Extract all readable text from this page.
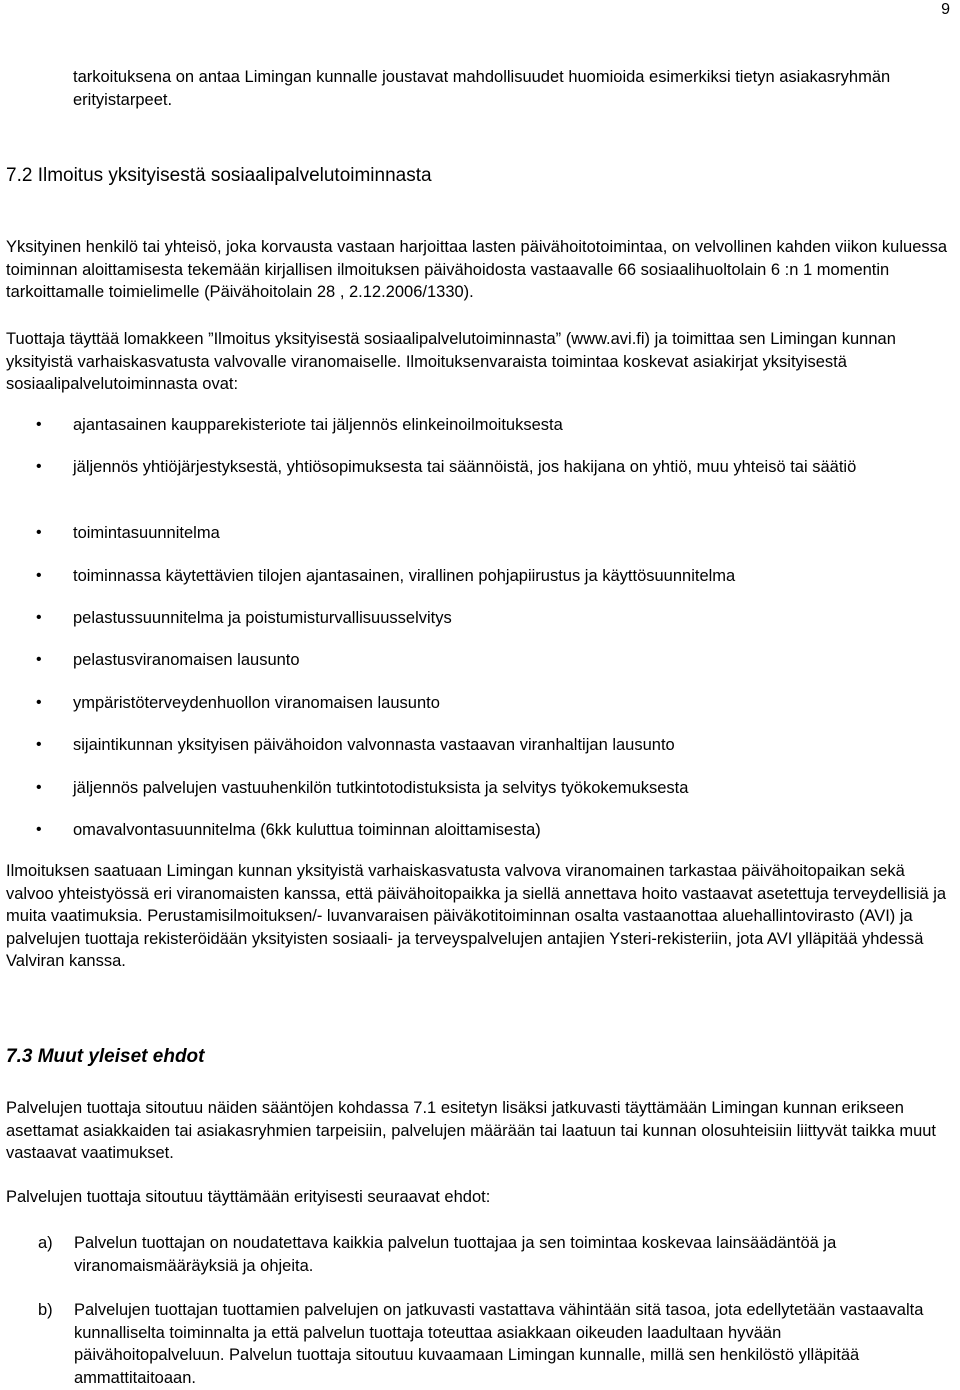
9

tarkoituksena on antaa Limingan kunnalle joustavat mahdollisuudet huomioida esimerkiksi tietyn asiakasryhmän erityistarpeet.

7.2 Ilmoitus yksityisestä sosiaalipalvelutoiminnasta

Yksityinen henkilö tai yhteisö, joka korvausta vastaan harjoittaa lasten päivähoitotoimintaa, on velvollinen kahden viikon kuluessa toiminnan aloittamisesta tekemään kirjallisen ilmoituksen päivähoidosta vastaavalle 66 sosiaalihuoltolain 6 :n 1 momentin tarkoittamalle toimielimelle (Päivähoitolain 28 , 2.12.2006/1330).

Tuottaja täyttää lomakkeen ”Ilmoitus yksityisestä sosiaalipalvelutoiminnasta” (www.avi.fi) ja toimittaa sen Limingan kunnan yksityistä varhaiskasvatusta valvovalle viranomaiselle. Ilmoituksenvaraista toimintaa koskevat asiakirjat yksityisestä sosiaalipalvelutoiminnasta ovat:

• ajantasainen kaupparekisteriote tai jäljennös elinkeinoilmoituksesta
• jäljennös yhtiöjärjestyksestä, yhtiösopimuksesta tai säännöistä, jos hakijana on yhtiö, muu yhteisö tai säätiö
• toimintasuunnitelma
• toiminnassa käytettävien tilojen ajantasainen, virallinen pohjapiirustus ja käyttösuunnitelma
• pelastussuunnitelma ja poistumisturvallisuusselvitys
• pelastusviranomaisen lausunto
• ympäristöterveydenhuollon viranomaisen lausunto
• sijaintikunnan yksityisen päivähoidon valvonnasta vastaavan viranhaltijan lausunto
• jäljennös palvelujen vastuuhenkilön tutkintotodistuksista ja selvitys työkokemuksesta
• omavalvontasuunnitelma (6kk kuluttua toiminnan aloittamisesta)

Ilmoituksen saatuaan Limingan kunnan yksityistä varhaiskasvatusta valvova viranomainen tarkastaa päivähoitopaikan sekä valvoo yhteistyössä eri viranomaisten kanssa, että päivähoitopaikka ja siellä annettava hoito vastaavat asetettuja terveydellisiä ja muita vaatimuksia. Perustamisilmoituksen/- luvanvaraisen päiväkotitoiminnan osalta vastaanottaa aluehallintovirasto (AVI) ja palvelujen tuottaja rekisteröidään yksityisten sosiaali- ja terveyspalvelujen antajien Ysteri-rekisteriin, jota AVI ylläpitää yhdessä Valviran kanssa.

7.3 Muut yleiset ehdot

Palvelujen tuottaja sitoutuu näiden sääntöjen kohdassa 7.1 esitetyn lisäksi jatkuvasti täyttämään Limingan kunnan erikseen asettamat asiakkaiden tai asiakasryhmien tarpeisiin, palvelujen määrään tai laatuun tai kunnan olosuhteisiin liittyvät taikka muut vastaavat vaatimukset.

Palvelujen tuottaja sitoutuu täyttämään erityisesti seuraavat ehdot:

a) Palvelun tuottajan on noudatettava kaikkia palvelun tuottajaa ja sen toimintaa koskevaa lainsäädäntöä ja viranomaismääräyksiä ja ohjeita.
b) Palvelujen tuottajan tuottamien palvelujen on jatkuvasti vastattava vähintään sitä tasoa, jota edellytetään vastaavalta kunnalliselta toiminnalta ja että palvelun tuottaja toteuttaa asiakkaan oikeuden laadultaan hyvään päivähoitopalveluun. Palvelun tuottaja sitoutuu kuvaamaan Limingan kunnalle, millä sen henkilöstö ylläpitää ammattitaitoaan.
